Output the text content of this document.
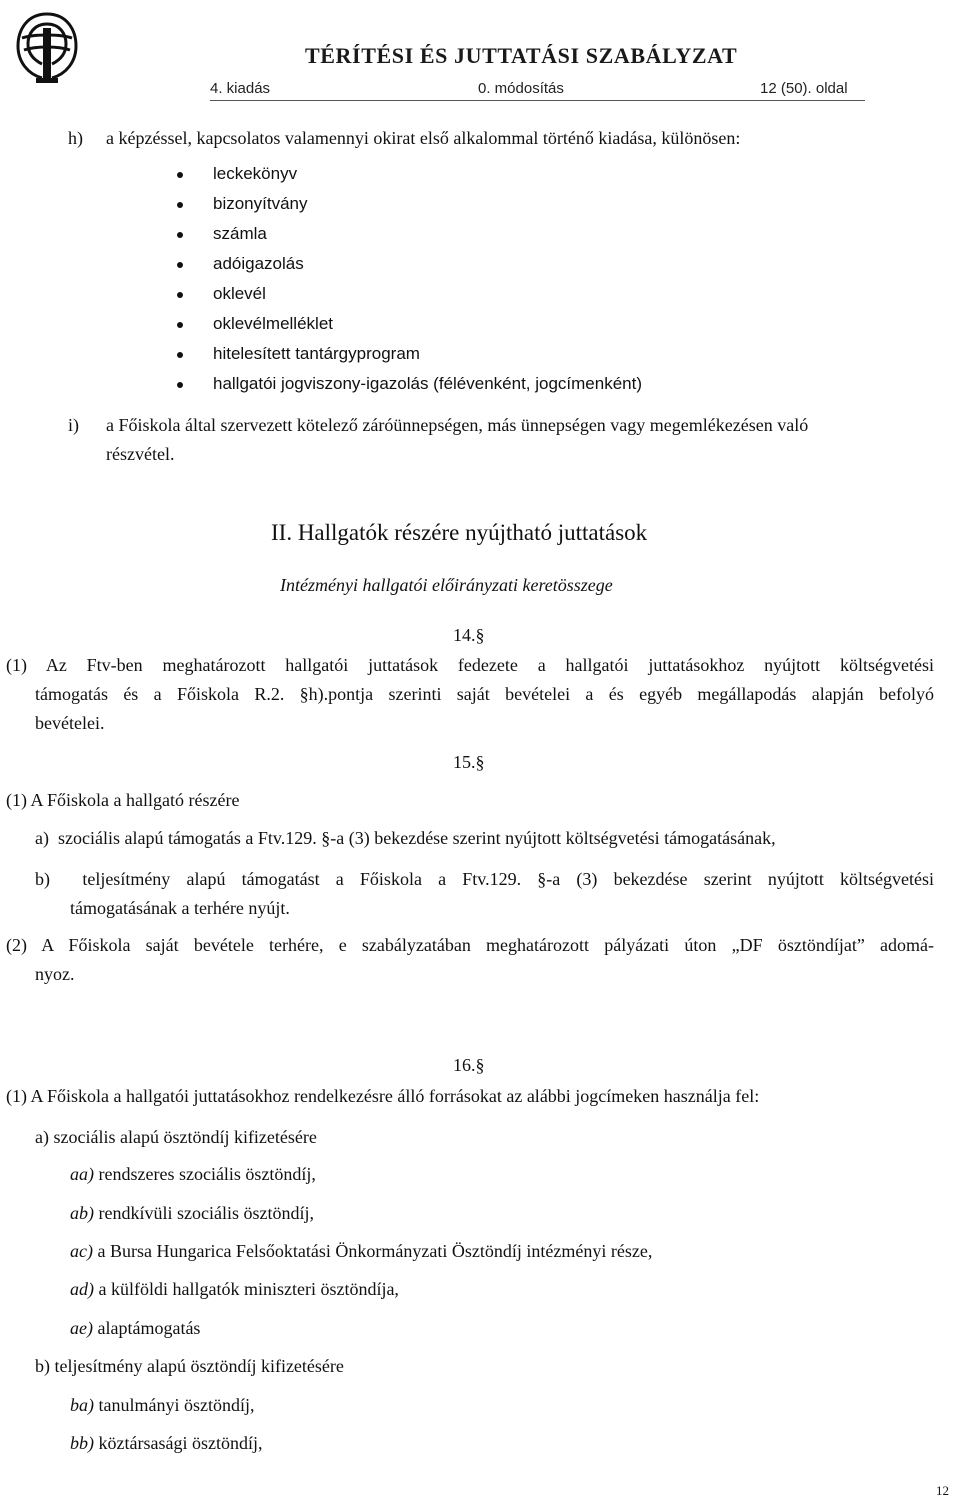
TÉRÍTÉSI ÉS JUTTATÁSI SZABÁLYZAT
4. kiadás	0. módosítás	12 (50). oldal
h) a képzéssel, kapcsolatos valamennyi okirat első alkalommal történő kiadása, különösen:
leckekönyv
bizonyítvány
számla
adóigazolás
oklevél
oklevélmelléklet
hitelesített tantárgyprogram
hallgatói jogviszony-igazolás (félévenként, jogcímenként)
i) a Főiskola által szervezett kötelező záróünnepségen, más ünnepségen vagy megemlékezésen való
részvétel.
II. Hallgatók részére nyújtható juttatások
Intézményi hallgatói előirányzati keretösszege
14.§
(1) Az Ftv-ben meghatározott hallgatói juttatások fedezete a hallgatói juttatásokhoz nyújtott költségvetési
támogatás és a Főiskola R.2. §h).pontja szerinti saját bevételei a és egyéb megállapodás alapján befolyó
bevételei.
15.§
(1) A Főiskola a hallgató részére
a)  szociális alapú támogatás a Ftv.129. §-a (3) bekezdése szerint nyújtott költségvetési támogatásának,
b)  teljesítmény alapú támogatást a Főiskola a Ftv.129. §-a (3) bekezdése szerint nyújtott költségvetési
támogatásának a terhére nyújt.
(2) A Főiskola saját bevétele terhére, e szabályzatában meghatározott pályázati úton „DF ösztöndíjat” adomá-
nyoz.
16.§
(1) A Főiskola a hallgatói juttatásokhoz rendelkezésre álló forrásokat az alábbi jogcímeken használja fel:
a) szociális alapú ösztöndíj kifizetésére
aa) rendszeres szociális ösztöndíj,
ab) rendkívüli szociális ösztöndíj,
ac) a Bursa Hungarica Felsőoktatási Önkormányzati Ösztöndíj intézményi része,
ad) a külföldi hallgatók miniszteri ösztöndíja,
ae) alaptámogatás
b) teljesítmény alapú ösztöndíj kifizetésére
ba) tanulmányi ösztöndíj,
bb) köztársasági ösztöndíj,
12
